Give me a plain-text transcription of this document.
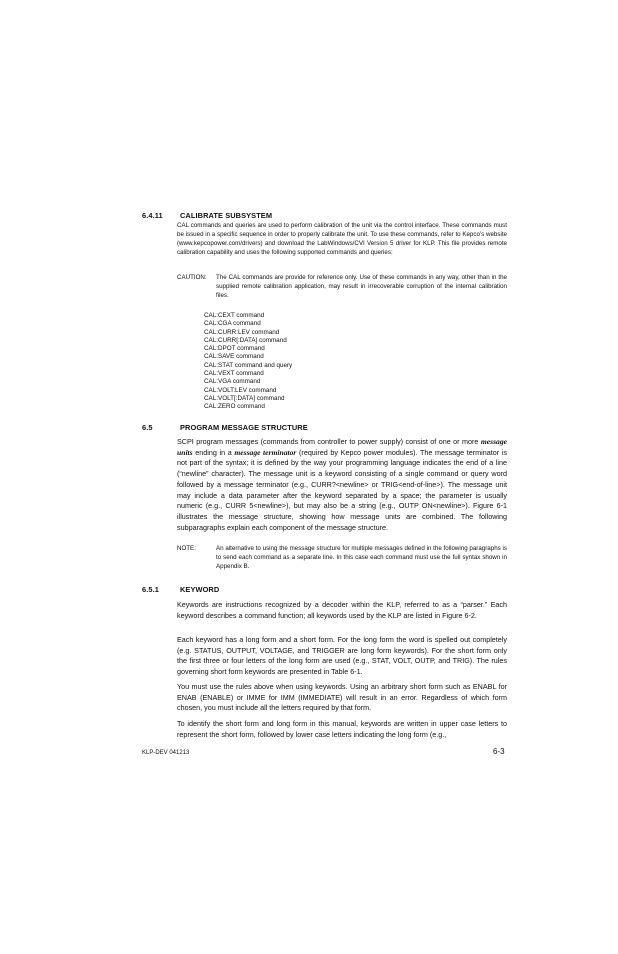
6.4.11 CALIBRATE SUBSYSTEM

CAL commands and queries are used to perform calibration of the unit via the control interface. These commands must be issued in a specific sequence in order to properly calibrate the unit. To use these commands, refer to Kepco’s website (www.kepcopower.com/drivers) and download the LabWindows/CVI Version 5 driver for KLP. This file provides remote calibration capability and uses the following supported commands and queries:

CAUTION: The CAL commands are provide for reference only. Use of these commands in any way, other than in the supplied remote calibration application, may result in irrecoverable corruption of the internal calibration files.
CAL:CEXT command
CAL:CGA command
CAL:CURR:LEV command
CAL:CURR[:DATA] command
CAL:DPOT command
CAL:SAVE command
CAL:STAT command and query
CAL:VEXT command
CAL:VGA command
CAL:VOLT:LEV command
CAL:VOLT[:DATA] command
CAL:ZERO command
6.5	PROGRAM MESSAGE STRUCTURE

SCPI program messages (commands from controller to power supply) consist of one or more message units ending in a message terminator (required by Kepco power modules). The message terminator is not part of the syntax; it is defined by the way your programming language indicates the end of a line (“newline” character). The message unit is a keyword consisting of a single command or query word followed by a message terminator (e.g., CURR?<newline> or TRIG<end-of-line>). The message unit may include a data parameter after the keyword separated by a space; the parameter is usually numeric (e.g., CURR 5<newline>), but may also be a string (e.g., OUTP ON<newline>). Figure 6-1 illustrates the message structure, showing how message units are combined. The following subparagraphs explain each component of the message structure.

NOTE:	An alternative to using the message structure for multiple messages defined in the following paragraphs is to send each command as a separate line. In this case each command must use the full syntax shown in Appendix B.
6.5.1	KEYWORD

Keywords are instructions recognized by a decoder within the KLP, referred to as a “parser.” Each keyword describes a command function; all keywords used by the KLP are listed in Figure 6-2.

Each keyword has a long form and a short form. For the long form the word is spelled out completely (e.g. STATUS, OUTPUT, VOLTAGE, and TRIGGER are long form keywords). For the short form only the first three or four letters of the long form are used (e.g., STAT, VOLT, OUTP, and TRIG). The rules governing short form keywords are presented in Table 6-1.

You must use the rules above when using keywords. Using an arbitrary short form such as ENABL for ENAB (ENABLE) or IMME for IMM (IMMEDIATE) will result in an error. Regardless of which form chosen, you must include all the letters required by that form.

To identify the short form and long form in this manual, keywords are written in upper case letters to represent the short form, followed by lower case letters indicating the long form (e.g.,

KLP-DEV 041213	6-3
